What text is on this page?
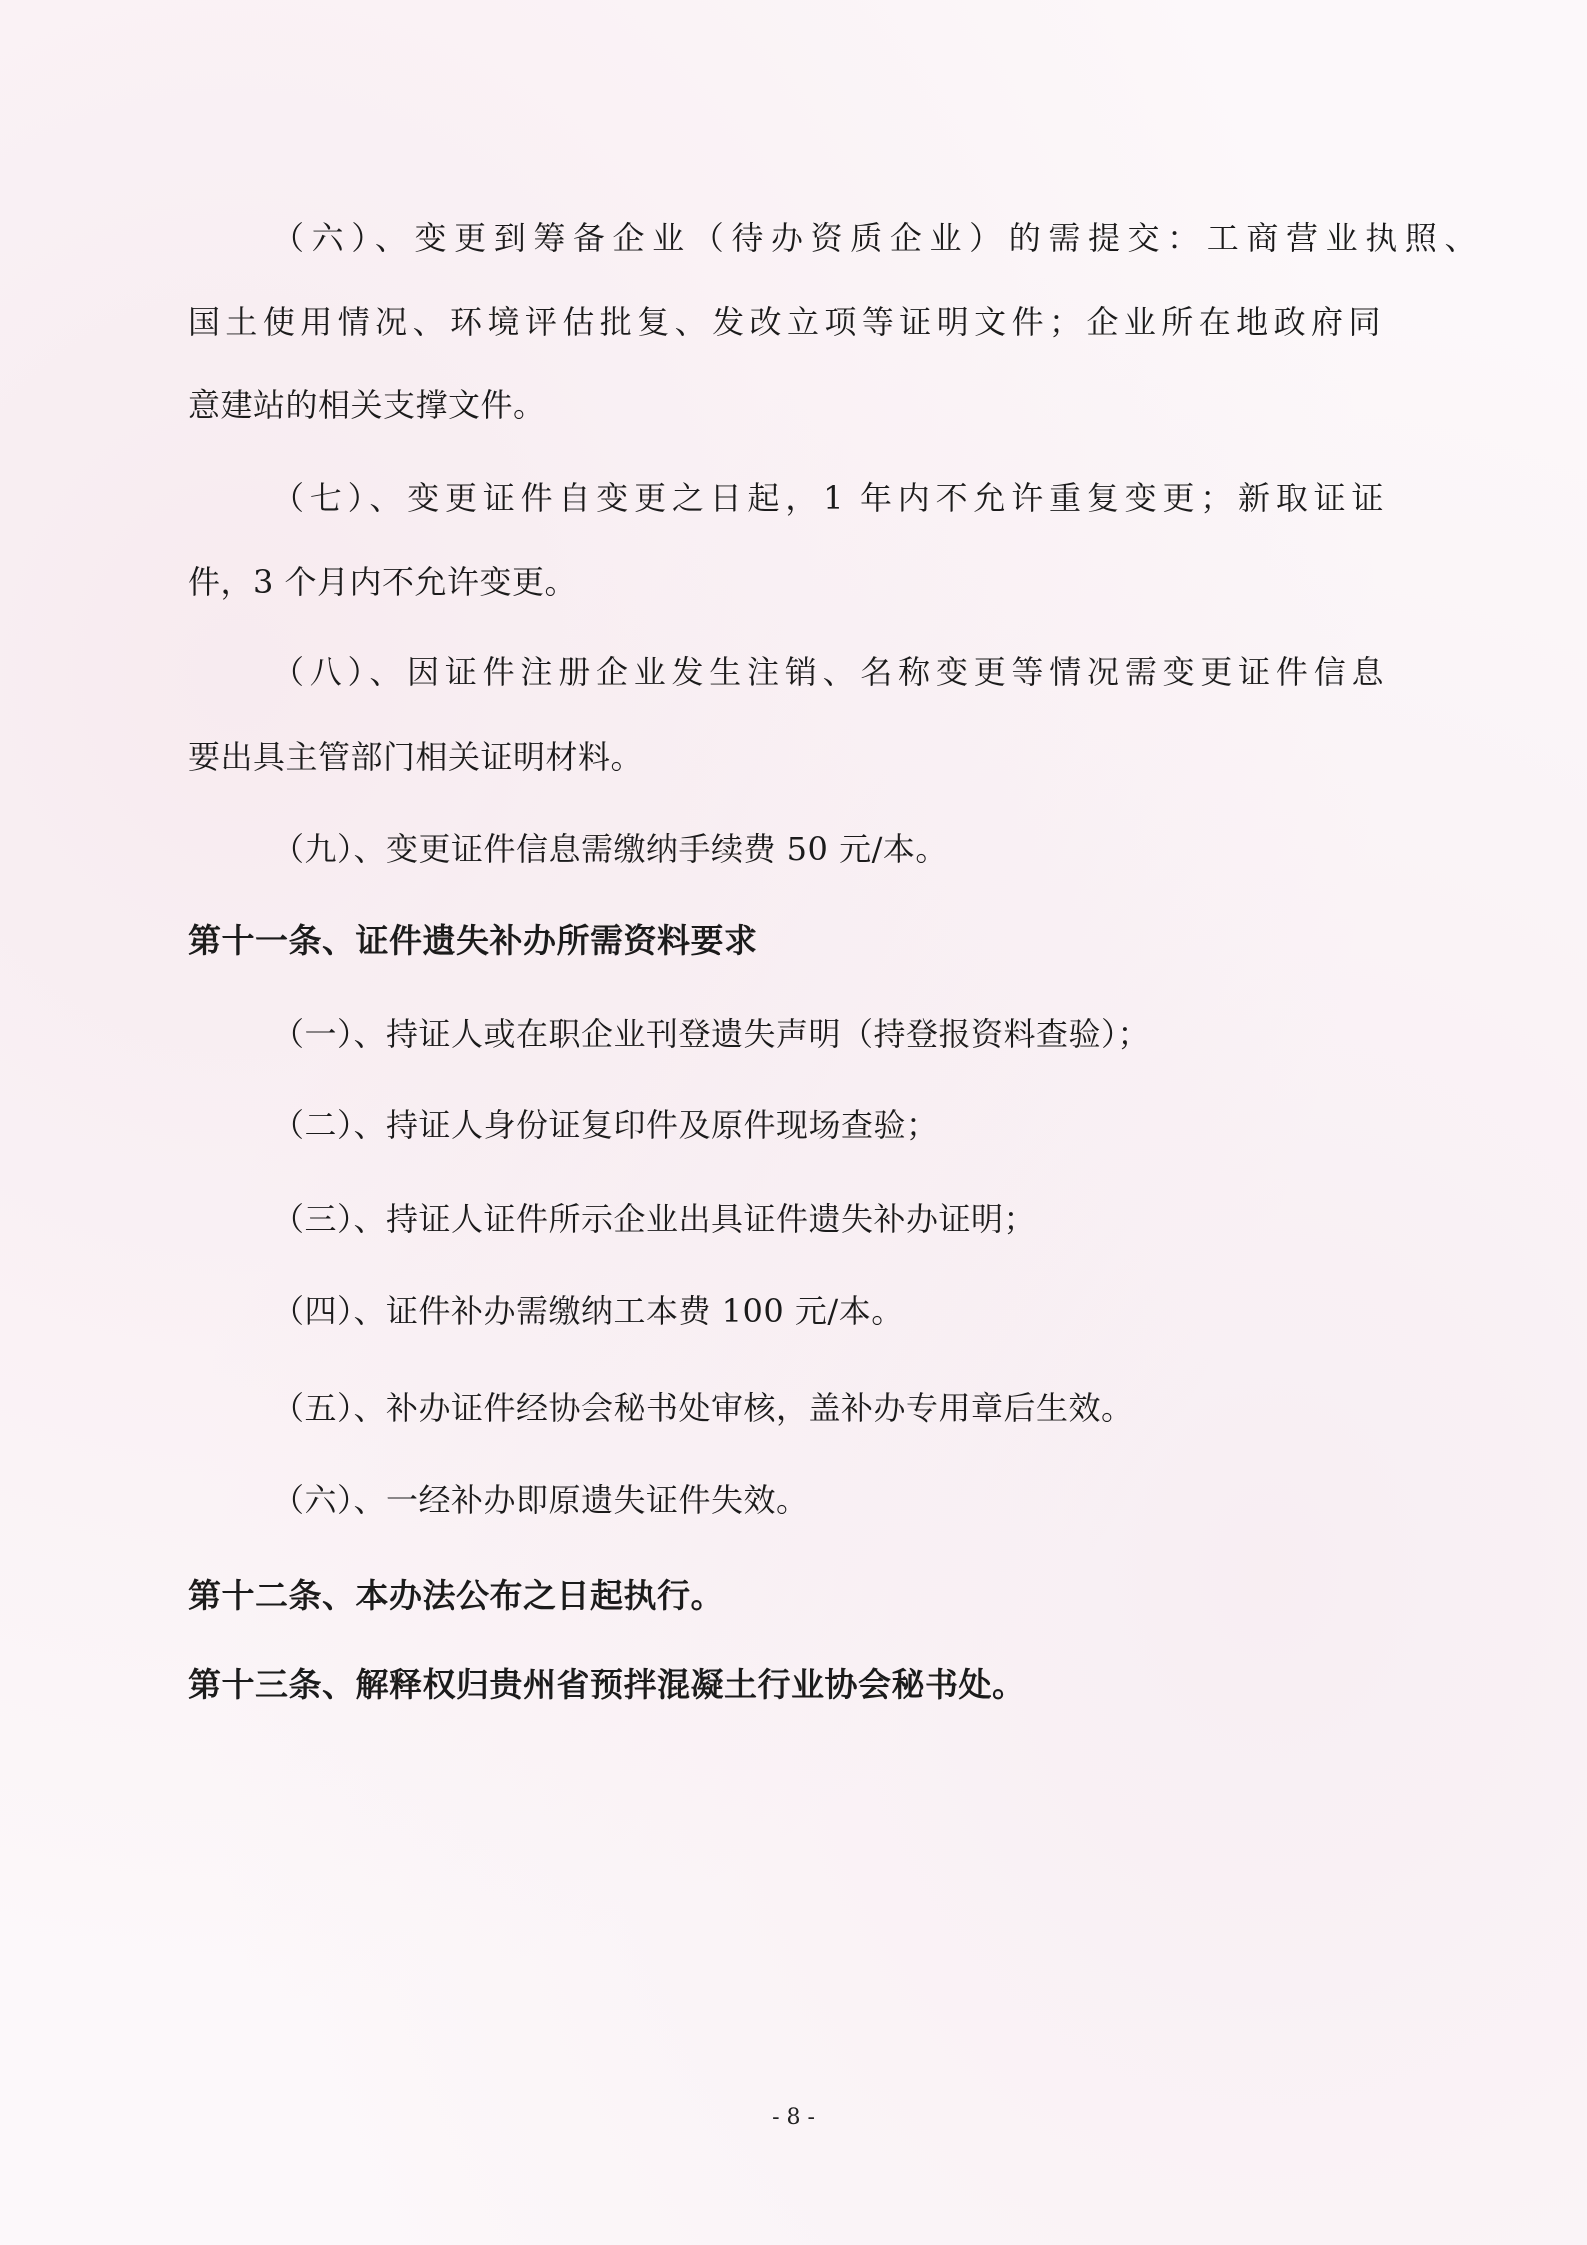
（六）、变更到筹备企业（待办资质企业）的需提交：工商营业执照、
国土使用情况、环境评估批复、发改立项等证明文件；企业所在地政府同
意建站的相关支撑文件。
（七）、变更证件自变更之日起，1 年内不允许重复变更；新取证证
件，3 个月内不允许变更。
（八）、因证件注册企业发生注销、名称变更等情况需变更证件信息
要出具主管部门相关证明材料。
（九）、变更证件信息需缴纳手续费 50 元/本。
第十一条、证件遗失补办所需资料要求
（一）、持证人或在职企业刊登遗失声明（持登报资料查验）；
（二）、持证人身份证复印件及原件现场查验；
（三）、持证人证件所示企业出具证件遗失补办证明；
（四）、证件补办需缴纳工本费 100 元/本。
（五）、补办证件经协会秘书处审核，盖补办专用章后生效。
（六）、一经补办即原遗失证件失效。
第十二条、本办法公布之日起执行。
第十三条、解释权归贵州省预拌混凝土行业协会秘书处。
- 8 -
